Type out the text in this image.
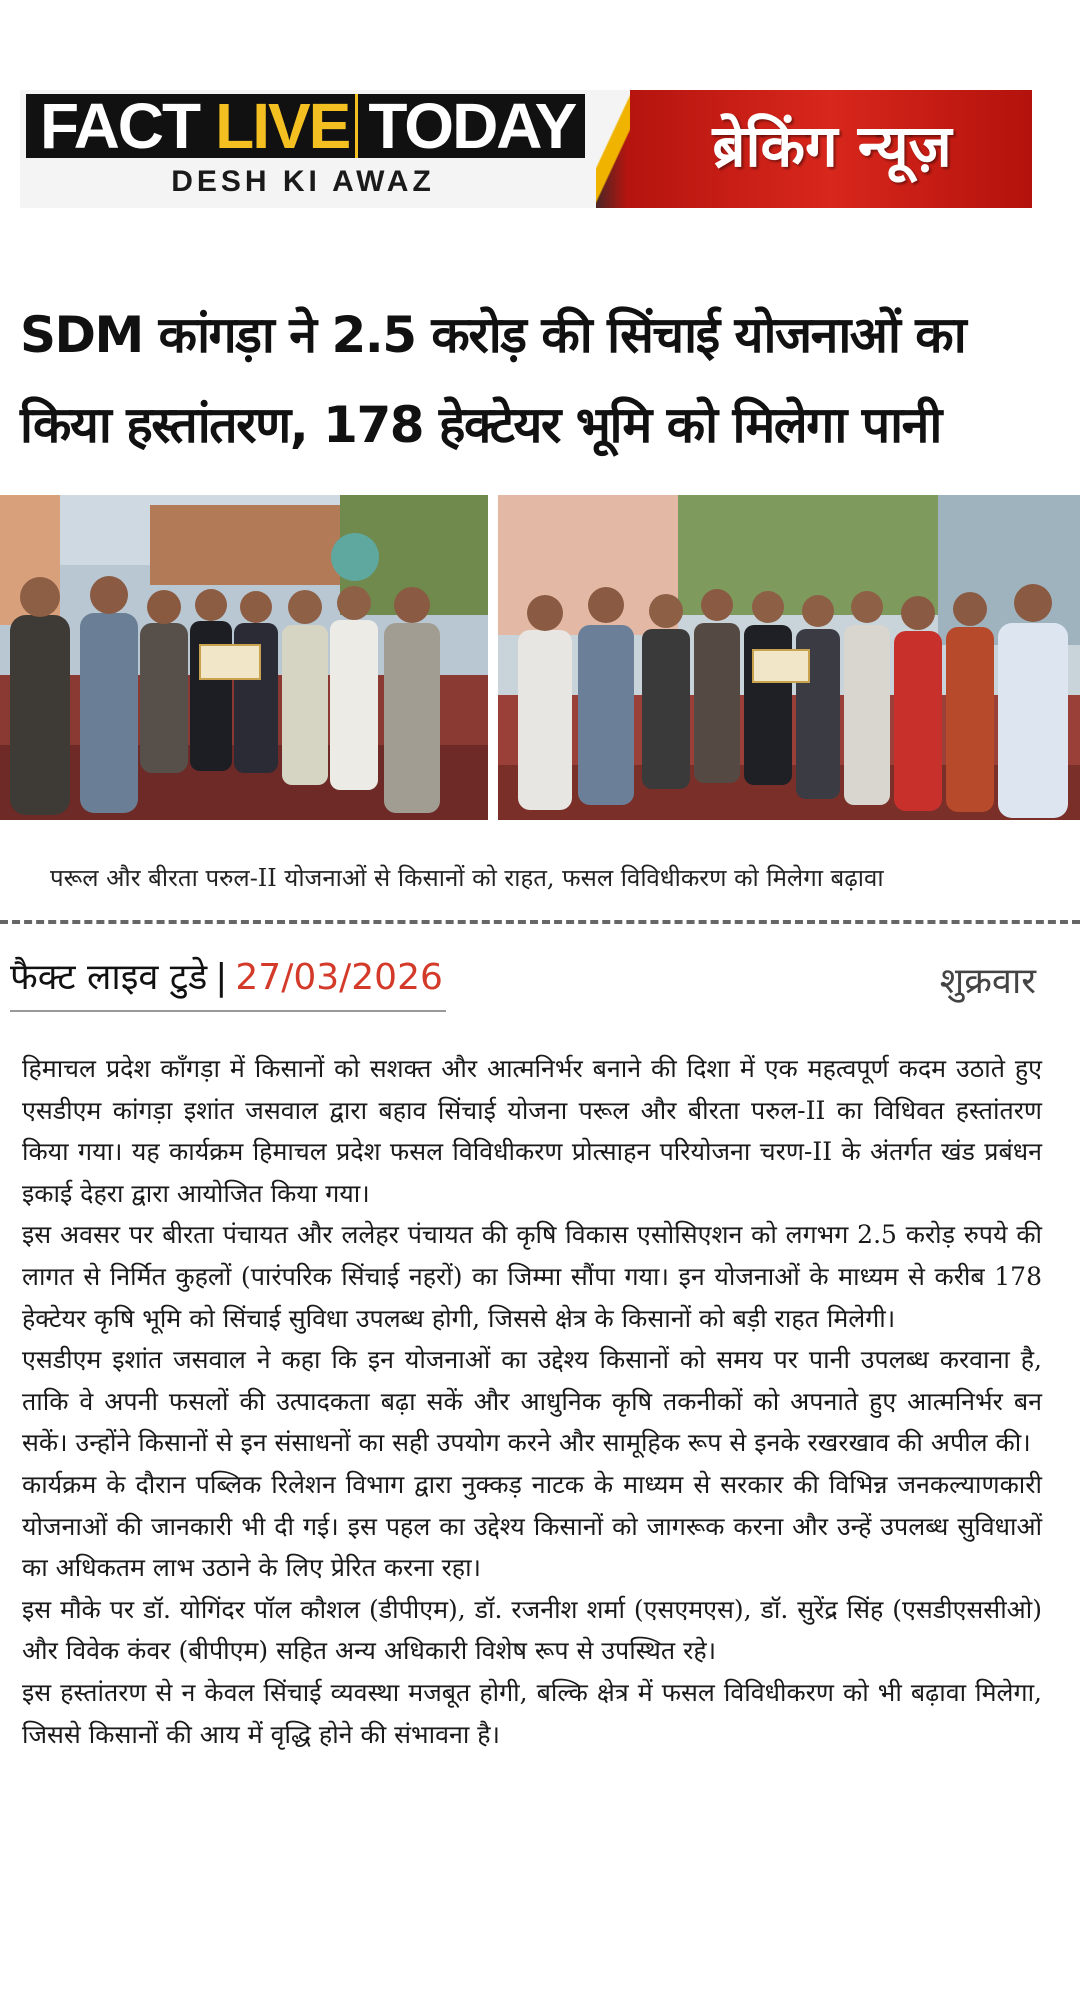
FACT LIVE TODAY
DESH KI AWAZ
ब्रेकिंग न्यूज़
SDM कांगड़ा ने 2.5 करोड़ की सिंचाई योजनाओं का किया हस्तांतरण, 178 हेक्टेयर भूमि को मिलेगा पानी
परूल और बीरता परुल-II योजनाओं से किसानों को राहत, फसल विविधीकरण को मिलेगा बढ़ावा
फैक्ट लाइव टुडे | 27/03/2026	शुक्रवार

हिमाचल प्रदेश काँगड़ा में किसानों को सशक्त और आत्मनिर्भर बनाने की दिशा में एक महत्वपूर्ण कदम उठाते हुए एसडीएम कांगड़ा इशांत जसवाल द्वारा बहाव सिंचाई योजना परूल और बीरता परुल-II का विधिवत हस्तांतरण किया गया। यह कार्यक्रम हिमाचल प्रदेश फसल विविधीकरण प्रोत्साहन परियोजना चरण-II के अंतर्गत खंड प्रबंधन इकाई देहरा द्वारा आयोजित किया गया।

इस अवसर पर बीरता पंचायत और ललेहर पंचायत की कृषि विकास एसोसिएशन को लगभग 2.5 करोड़ रुपये की लागत से निर्मित कुहलों (पारंपरिक सिंचाई नहरों) का जिम्मा सौंपा गया। इन योजनाओं के माध्यम से करीब 178 हेक्टेयर कृषि भूमि को सिंचाई सुविधा उपलब्ध होगी, जिससे क्षेत्र के किसानों को बड़ी राहत मिलेगी।

एसडीएम इशांत जसवाल ने कहा कि इन योजनाओं का उद्देश्य किसानों को समय पर पानी उपलब्ध करवाना है, ताकि वे अपनी फसलों की उत्पादकता बढ़ा सकें और आधुनिक कृषि तकनीकों को अपनाते हुए आत्मनिर्भर बन सकें। उन्होंने किसानों से इन संसाधनों का सही उपयोग करने और सामूहिक रूप से इनके रखरखाव की अपील की।

कार्यक्रम के दौरान पब्लिक रिलेशन विभाग द्वारा नुक्कड़ नाटक के माध्यम से सरकार की विभिन्न जनकल्याणकारी योजनाओं की जानकारी भी दी गई। इस पहल का उद्देश्य किसानों को जागरूक करना और उन्हें उपलब्ध सुविधाओं का अधिकतम लाभ उठाने के लिए प्रेरित करना रहा।

इस मौके पर डॉ. योगिंदर पॉल कौशल (डीपीएम), डॉ. रजनीश शर्मा (एसएमएस), डॉ. सुरेंद्र सिंह (एसडीएससीओ) और विवेक कंवर (बीपीएम) सहित अन्य अधिकारी विशेष रूप से उपस्थित रहे।

इस हस्तांतरण से न केवल सिंचाई व्यवस्था मजबूत होगी, बल्कि क्षेत्र में फसल विविधीकरण को भी बढ़ावा मिलेगा, जिससे किसानों की आय में वृद्धि होने की संभावना है।
